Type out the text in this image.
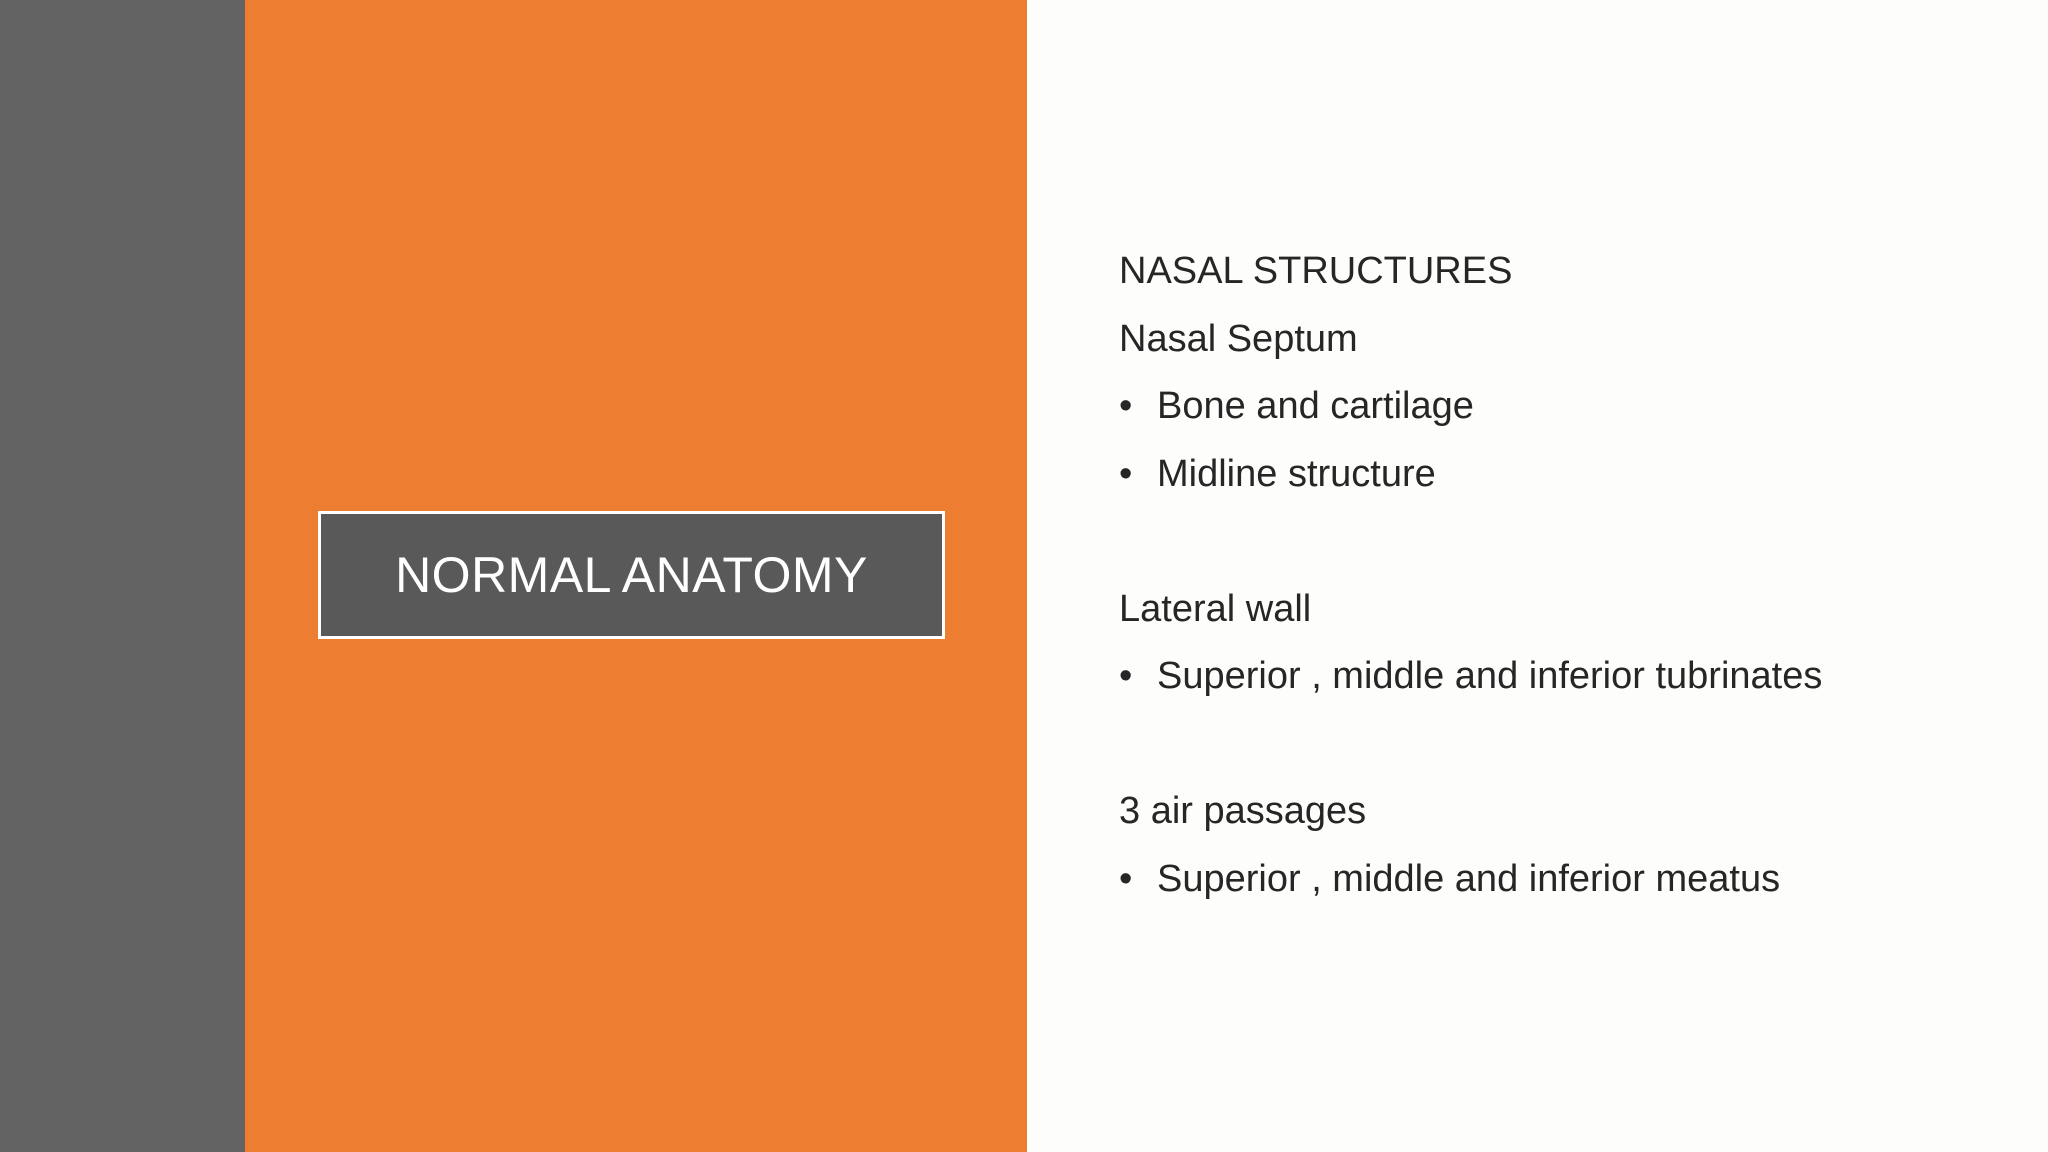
NORMAL ANATOMY
NASAL STRUCTURES
Nasal Septum
• Bone and cartilage
• Midline structure
Lateral wall
• Superior , middle and inferior tubrinates
3 air passages
• Superior , middle and inferior meatus
